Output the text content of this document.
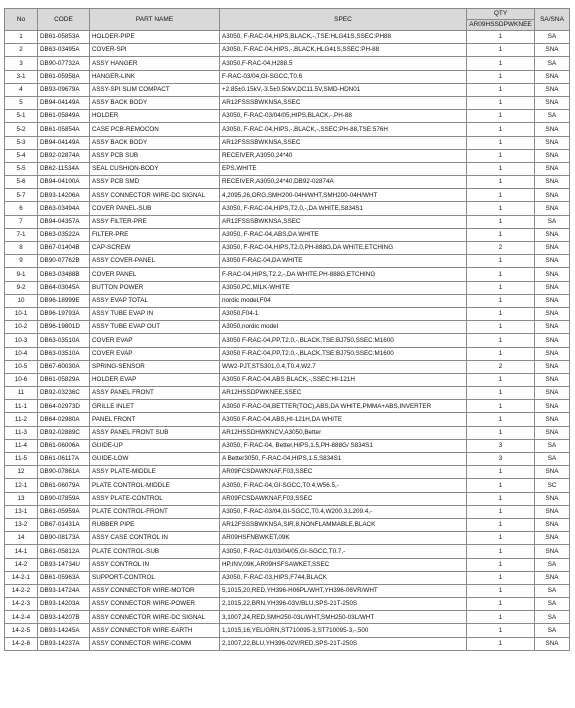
No	CODE	PART NAME	SPEC	QTY	SA/SNA
				AR09HSSDPWKNEE	
1	DB61-05853A	HOLDER-PIPE	A3050, F-RAC-04,HIPS,BLACK,-,TSE:HLG41S,SSEC:PH88	1	SA
2	DB63-03495A	COVER-SPI	A3050, F-RAC-04,HIPS,-,BLACK,HLG41S,SSEC:PH-88	1	SNA
3	DB90-07732A	ASSY HANGER	A3050,F-RAC-04,H288.5	1	SA
3-1	DB61-05958A	HANGER-LINK	F-RAC-03/04,GI-SGCC,T0.6	1	SNA
4	DB93-09679A	ASSY-SPI SLIM COMPACT	+2.85±0.15kV,-3.5±0.50kV,DC11.5V,SMD-HDN01	1	SNA
5	DB94-04149A	ASSY BACK BODY	AR12FSSSBWKNSA,SSEC	1	SNA
5-1	DB61-05849A	HOLDER	A3050, F-RAC-03/04/05,HIPS,BLACK,-,PH-88	1	SA
5-2	DB61-05854A	CASE PCB-REMOCON	A3050, F-RAC-04,HIPS,-,BLACK,-,SSEC:PH-88,TSE:576H	1	SNA
5-3	DB94-04149A	ASSY BACK BODY	AR12FSSSBWKNSA,SSEC	1	SNA
5-4	DB92-02874A	ASSY PCB SUB	RECEIVER,A3050,24*40	1	SNA
5-5	DB62-11534A	SEAL CUSHION-BODY	EPS,WHITE	1	SNA
5-6	DB94-04100A	ASSY PCB SMD	RECEIVER,A3050,24*40,DB92-02874A	1	SNA
5-7	DB93-14206A	ASSY CONNECTOR WIRE-DC SIGNAL	4,2095,26,ORG,SMH200-04H/WHT,SMH200-04H/WHT	1	SNA
6	DB63-03494A	COVER PANEL-SUB	A3050, F-RAC-04,HIPS,T2.0,-,DA WHITE,S834S1	1	SNA
7	DB94-04357A	ASSY FILTER-PRE	AR12FSSSBWKNSA,SSEC	1	SA
7-1	DB63-03522A	FILTER-PRE	A3050, F-RAC-04,ABS,DA WHITE	1	SNA
8	DB67-01404B	CAP-SCREW	A3050, F-RAC-04,HIPS,T2.0,PH-888G,DA WHITE,ETCHING	2	SNA
9	DB90-07762B	ASSY COVER-PANEL	A3050 F-RAC-04,DA WHITE	1	SNA
9-1	DB63-03488B	COVER PANEL	F-RAC-04,HIPS,T2.2,-,DA WHITE,PH-888G,ETCHING	1	SNA
9-2	DB64-03045A	BUTTON POWER	A3050,PC,MILK-WHITE	1	SNA
10	DB96-18999E	ASSY EVAP TOTAL	nordic model,F04	1	SNA
10-1	DB96-19793A	ASSY TUBE EVAP IN	A3050,F04-1	1	SNA
10-2	DB96-19801D	ASSY TUBE EVAP OUT	A3050,nordic model	1	SNA
10-3	DB63-03510A	COVER EVAP	A3050 F-RAC-04,PP,T2.0,-,BLACK,TSE:BJ750,SSEC:M1600	1	SNA
10-4	DB63-03510A	COVER EVAP	A3050 F-RAC-04,PP,T2.0,-,BLACK,TSE:BJ750,SSEC:M1600	1	SNA
10-5	DB67-60030A	SPRING-SENSOR	WW2-PJT,STS301,0.4,T0.4,W2.7	2	SNA
10-6	DB61-05829A	HOLDER EVAP	A3050 F-RAC-04,ABS BLACK,-,SSEC:HI-121H	1	SNA
11	DB92-03236C	ASSY PANEL FRONT	AR12HSSDPWKNEE,SSEC	1	SNA
11-1	DB64-02973D	GRILLE INLET	A3050 F-RAC-04,BETTER(TOC),ABS,DA WHITE,PMMA+ABS,INVERTER	1	SNA
11-2	DB64-02980A	PANEL FRONT	A3050 F-RAC-04,ABS,HI-121H,DA WHITE	1	SNA
11-3	DB92-02889C	ASSY PANEL FRONT SUB	AR12HSSDHWKNCV,A3050,Better	1	SNA
11-4	DB61-06006A	GUIDE-UP	A3050, F-RAC-04, Better,HIPS,1.5,PH-888G/ S834S1	3	SA
11-5	DB61-06117A	GUIDE-LOW	A Better3050, F-RAC-04,HIPS,1.5,S834S1	3	SA
12	DB90-07861A	ASSY PLATE-MIDDLE	AR09FCSDAWKNAF,F03,SSEC	1	SNA
12-1	DB61-06079A	PLATE CONTROL-MIDDLE	A3050, F-RAC-04,GI-SGCC,T0.4,W56.5,-	1	SC
13	DB90-07859A	ASSY PLATE-CONTROL	AR09FCSDAWKNAF,F03,SSEC	1	SNA
13-1	DB61-05959A	PLATE CONTROL-FRONT	A3050, F-RAC-03/04,GI-SGCC,T0.4,W200.3,L209.4,-	1	SNA
13-2	DB67-01431A	RUBBER PIPE	AR12FSSSBWKNSA,SIR,8,NONFLAMMABLE,BLACK	1	SNA
14	DB90-08173A	ASSY CASE CONTROL IN	AR09HSFNBWKET,09K	1	SNA
14-1	DB61-05812A	PLATE CONTROL-SUB	A3050, F-RAC-01/03/04/05,GI-SGCC,T0.7,-	1	SNA
14-2	DB93-14734U	ASSY CONTROL IN	HP,INV,09K,AR09HSFSAWKET,SSEC	1	SA
14-2-1	DB61-05963A	SUPPORT-CONTROL	A3050, F-RAC-03,HIPS,F744,BLACK	1	SNA
14-2-2	DB93-14724A	ASSY CONNECTOR WIRE-MOTOR	5,1015,20,RED,YH396-H06PL/WHT,YH396-06VR/WHT	1	SA
14-2-3	DB93-14203A	ASSY CONNECTOR WIRE-POWER	2,1015,22,BRN,YH396-03V/BLU,SPS-21T-250S	1	SA
14-2-4	DB93-14207B	ASSY CONNECTOR WIRE-DC SIGNAL	3,1007,24,RED,SMH250-03L/WHT,SMH250-03L/WHT	1	SA
14-2-5	DB93-14245A	ASSY CONNECTOR WIRE-EARTH	1,1015,16,YEL/GRN,ST710095-3,ST710095-3,-,500	1	SA
14-2-6	DB93-14237A	ASSY CONNECTOR WIRE-COMM	2,1007,22,BLU,YH396-02V/RED,SPS-21T-250S	1	SNA
